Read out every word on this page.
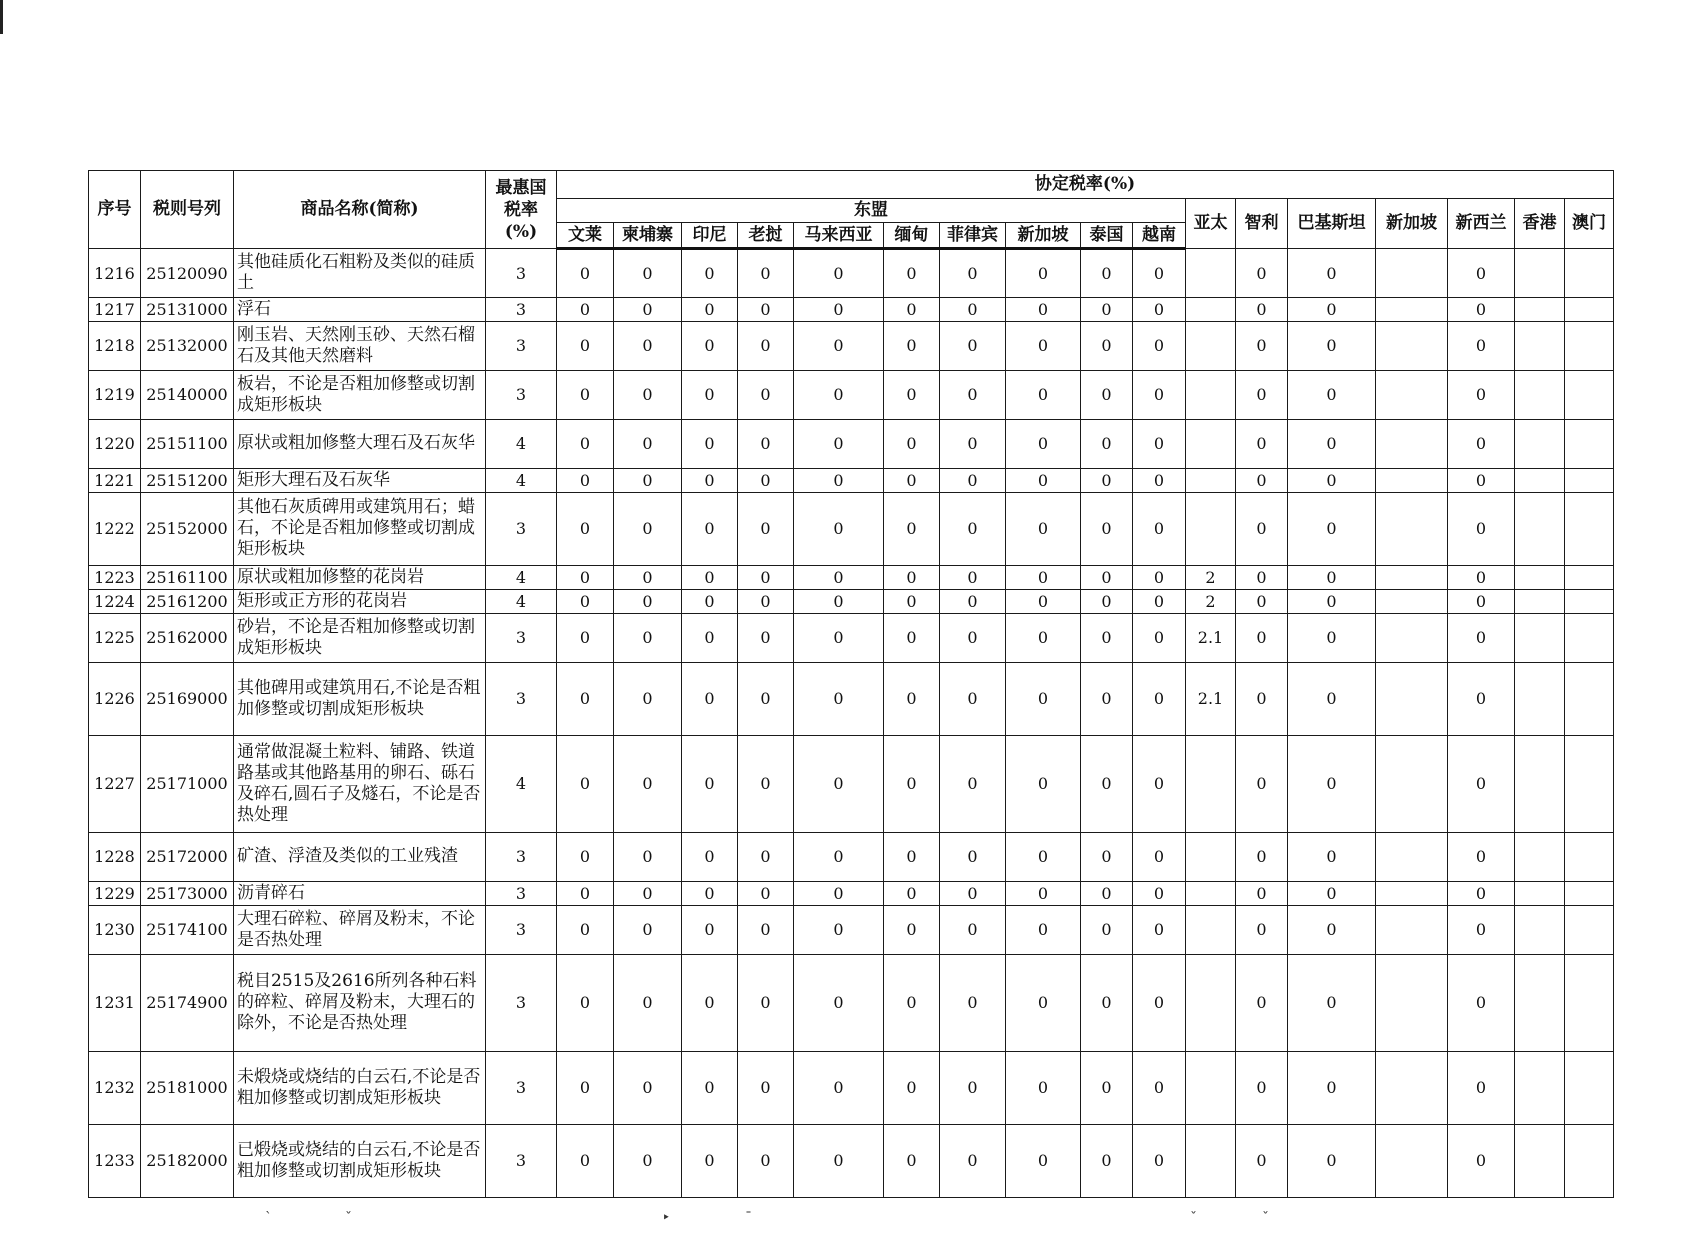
序号	税则号列	商品名称(简称)	最惠国
税率
(%)	协定税率(%)																
				东盟										亚太	智利	巴基斯坦	新加坡	新西兰	香港	澳门
				文莱	柬埔寨	印尼	老挝	马来西亚	缅甸	菲律宾	新加坡	泰国	越南							
1216	25120090	其他硅质化石粗粉及类似的硅质土	3	0	0	0	0	0	0	0	0	0	0		0	0		0		
1217	25131000	浮石	3	0	0	0	0	0	0	0	0	0	0		0	0		0		
1218	25132000	刚玉岩、天然刚玉砂、天然石榴石及其他天然磨料	3	0	0	0	0	0	0	0	0	0	0		0	0		0		
1219	25140000	板岩，不论是否粗加修整或切割成矩形板块	3	0	0	0	0	0	0	0	0	0	0		0	0		0		
1220	25151100	原状或粗加修整大理石及石灰华	4	0	0	0	0	0	0	0	0	0	0		0	0		0		
1221	25151200	矩形大理石及石灰华	4	0	0	0	0	0	0	0	0	0	0		0	0		0		
1222	25152000	其他石灰质碑用或建筑用石；蜡石，不论是否粗加修整或切割成矩形板块	3	0	0	0	0	0	0	0	0	0	0		0	0		0		
1223	25161100	原状或粗加修整的花岗岩	4	0	0	0	0	0	0	0	0	0	0	2	0	0		0		
1224	25161200	矩形或正方形的花岗岩	4	0	0	0	0	0	0	0	0	0	0	2	0	0		0		
1225	25162000	砂岩，不论是否粗加修整或切割成矩形板块	3	0	0	0	0	0	0	0	0	0	0	2.1	0	0		0		
1226	25169000	其他碑用或建筑用石,不论是否粗加修整或切割成矩形板块	3	0	0	0	0	0	0	0	0	0	0	2.1	0	0		0		
1227	25171000	通常做混凝土粒料、铺路、铁道路基或其他路基用的卵石、砾石及碎石,圆石子及燧石，不论是否热处理	4	0	0	0	0	0	0	0	0	0	0		0	0		0		
1228	25172000	矿渣、浮渣及类似的工业残渣	3	0	0	0	0	0	0	0	0	0	0		0	0		0		
1229	25173000	沥青碎石	3	0	0	0	0	0	0	0	0	0	0		0	0		0		
1230	25174100	大理石碎粒、碎屑及粉末，不论是否热处理	3	0	0	0	0	0	0	0	0	0	0		0	0		0		
1231	25174900	税目2515及2616所列各种石料的碎粒、碎屑及粉末，大理石的除外，不论是否热处理	3	0	0	0	0	0	0	0	0	0	0		0	0		0		
1232	25181000	未煅烧或烧结的白云石,不论是否粗加修整或切割成矩形板块	3	0	0	0	0	0	0	0	0	0	0		0	0		0		
1233	25182000	已煅烧或烧结的白云石,不论是否粗加修整或切割成矩形板块	3	0	0	0	0	0	0	0	0	0	0		0	0		0		
ˋ	ˇ	‣	ˉ	ˇ	ˇ
